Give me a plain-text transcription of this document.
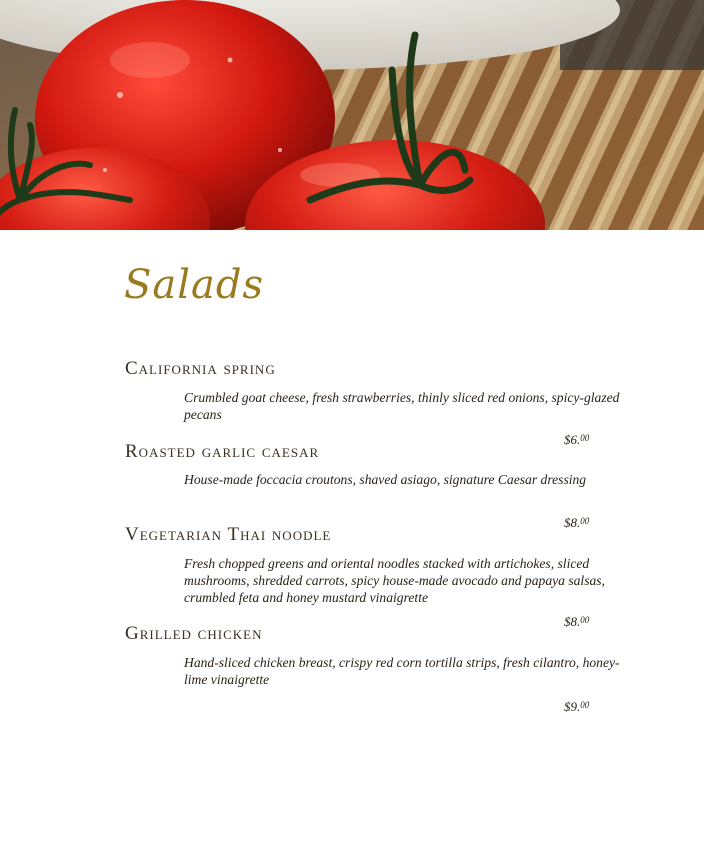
Salads
California spring

Crumbled goat cheese, fresh strawberries, thinly sliced red onions, spicy-glazed pecans

$6.00

Roasted garlic caesar

House-made foccacia croutons, shaved asiago, signature Caesar dressing

$8.00

Vegetarian Thai noodle

Fresh chopped greens and oriental noodles stacked with artichokes, sliced mushrooms, shredded carrots, spicy house-made avocado and papaya salsas, crumbled feta and honey mustard vinaigrette

$8.00

Grilled chicken

Hand-sliced chicken breast, crispy red corn tortilla strips, fresh cilantro, honey-lime vinaigrette

$9.00
